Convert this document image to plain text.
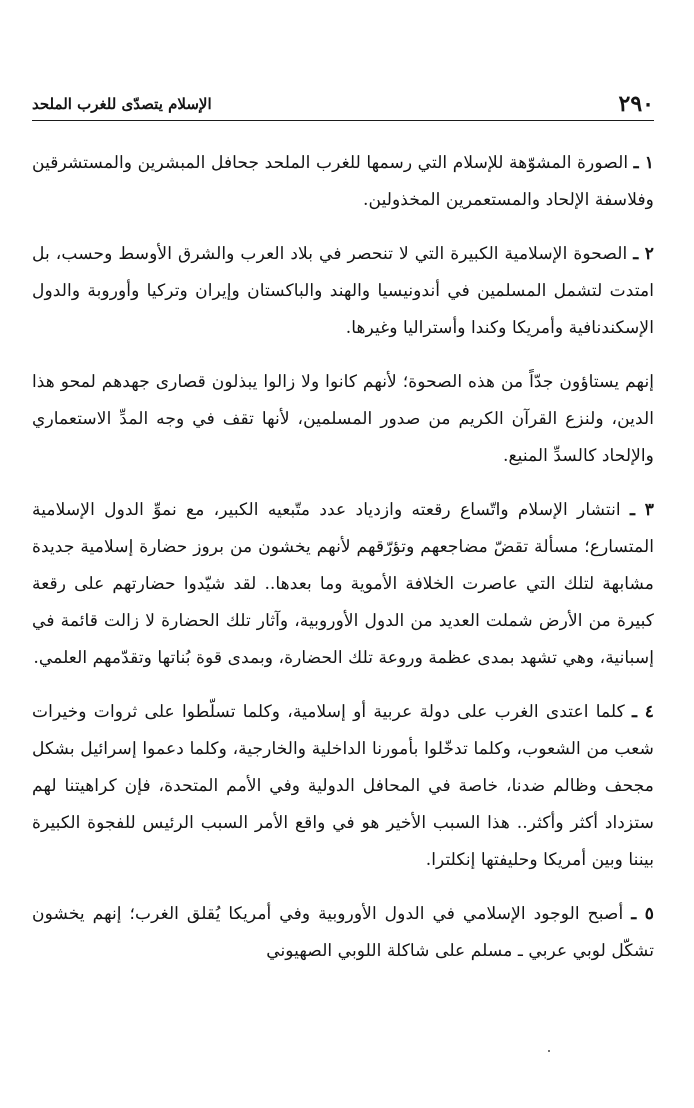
٢٩٠
الإسلام يتصدّى للغرب الملحد

١ ـ الصورة المشوّهة للإسلام التي رسمها للغرب الملحد جحافل المبشرين والمستشرقين وفلاسفة الإلحاد والمستعمرين المخذولين.

٢ ـ الصحوة الإسلامية الكبيرة التي لا تنحصر في بلاد العرب والشرق الأوسط وحسب، بل امتدت لتشمل المسلمين في أندونيسيا والهند والباكستان وإيران وتركيا وأوروبة والدول الإسكندنافية وأمريكا وكندا وأستراليا وغيرها.

إنهم يستاؤون جدّاً من هذه الصحوة؛ لأنهم كانوا ولا زالوا يبذلون قصارى جهدهم لمحو هذا الدين، ولنزع القرآن الكريم من صدور المسلمين، لأنها تقف في وجه المدِّ الاستعماري والإلحاد كالسدِّ المنيع.

٣ ـ انتشار الإسلام واتّساع رقعته وازدياد عدد متّبعيه الكبير، مع نموِّ الدول الإسلامية المتسارع؛ مسألة تقضّ مضاجعهم وتؤرّقهم لأنهم يخشون من بروز حضارة إسلامية جديدة مشابهة لتلك التي عاصرت الخلافة الأموية وما بعدها.. لقد شيّدوا حضارتهم على رقعة كبيرة من الأرض شملت العديد من الدول الأوروبية، وآثار تلك الحضارة لا زالت قائمة في إسبانية، وهي تشهد بمدى عظمة وروعة تلك الحضارة، وبمدى قوة بُناتها وتقدّمهم العلمي.

٤ ـ كلما اعتدى الغرب على دولة عربية أو إسلامية، وكلما تسلّطوا على ثروات وخيرات شعب من الشعوب، وكلما تدخّلوا بأمورنا الداخلية والخارجية، وكلما دعموا إسرائيل بشكل مجحف وظالم ضدنا، خاصة في المحافل الدولية وفي الأمم المتحدة، فإن كراهيتنا لهم ستزداد أكثر وأكثر.. هذا السبب الأخير هو في واقع الأمر السبب الرئيس للفجوة الكبيرة بيننا وبين أمريكا وحليفتها إنكلترا.

٥ ـ أصبح الوجود الإسلامي في الدول الأوروبية وفي أمريكا يُقلق الغرب؛ إنهم يخشون تشكّل لوبي عربي ـ مسلم على شاكلة اللوبي الصهيوني
